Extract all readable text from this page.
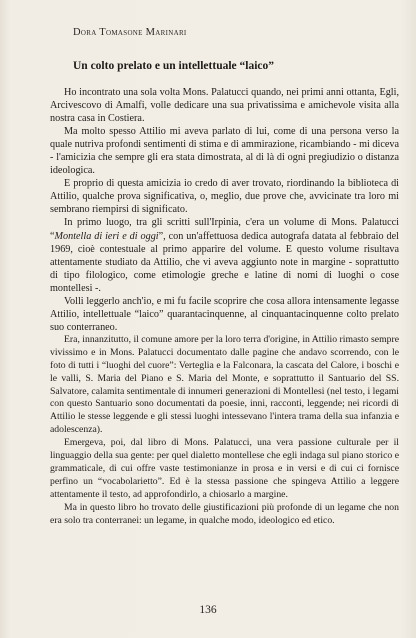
Dora Tomasone Marinari
Un colto prelato e un intellettuale “laico”

Ho incontrato una sola volta Mons. Palatucci quando, nei primi anni ottanta, Egli, Arcivescovo di Amalfi, volle dedicare una sua privatissima e amichevole visita alla nostra casa in Costiera.

Ma molto spesso Attilio mi aveva parlato di lui, come di una persona verso la quale nutriva profondi sentimenti di stima e di ammirazione, ricambiando - mi diceva - l'amicizia che sempre gli era stata dimostrata, al di là di ogni pregiudizio o distanza ideologica.

E proprio di questa amicizia io credo di aver trovato, riordinando la biblioteca di Attilio, qualche prova significativa, o, meglio, due prove che, avvicinate tra loro mi sembrano riempirsi di significato.

In primo luogo, tra gli scritti sull'Irpinia, c'era un volume di Mons. Palatucci “Montella di ieri e di oggi”, con un'affettuosa dedica autografa datata al febbraio del 1969, cioè contestuale al primo apparire del volume. E questo volume risultava attentamente studiato da Attilio, che vi aveva aggiunto note in margine - soprattutto di tipo filologico, come etimologie greche e latine di nomi di luoghi o cose montellesi -.

Volli leggerlo anch'io, e mi fu facile scoprire che cosa allora intensamente legasse Attilio, intellettuale “laico” quarantacinquenne, al cinquantacinquenne colto prelato suo conterraneo.

Era, innanzitutto, il comune amore per la loro terra d'origine, in Attilio rimasto sempre vivissimo e in Mons. Palatucci documentato dalle pagine che andavo scorrendo, con le foto di tutti i “luoghi del cuore”: Verteglia e la Falconara, la cascata del Calore, i boschi e le valli, S. Maria del Piano e S. Maria del Monte, e soprattutto il Santuario del SS. Salvatore, calamita sentimentale di innumeri generazioni di Montellesi (nel testo, i legami con questo Santuario sono documentati da poesie, inni, racconti, leggende; nei ricordi di Attilio le stesse leggende e gli stessi luoghi intessevano l'intera trama della sua infanzia e adolescenza).

Emergeva, poi, dal libro di Mons. Palatucci, una vera passione culturale per il linguaggio della sua gente: per quel dialetto montellese che egli indaga sul piano storico e grammaticale, di cui offre vaste testimonianze in prosa e in versi e di cui ci fornisce perfino un “vocabolarietto”. Ed è la stessa passione che spingeva Attilio a leggere attentamente il testo, ad approfondirlo, a chiosarlo a margine.

Ma in questo libro ho trovato delle giustificazioni più profonde di un legame che non era solo tra conterranei: un legame, in qualche modo, ideologico ed etico.

136
